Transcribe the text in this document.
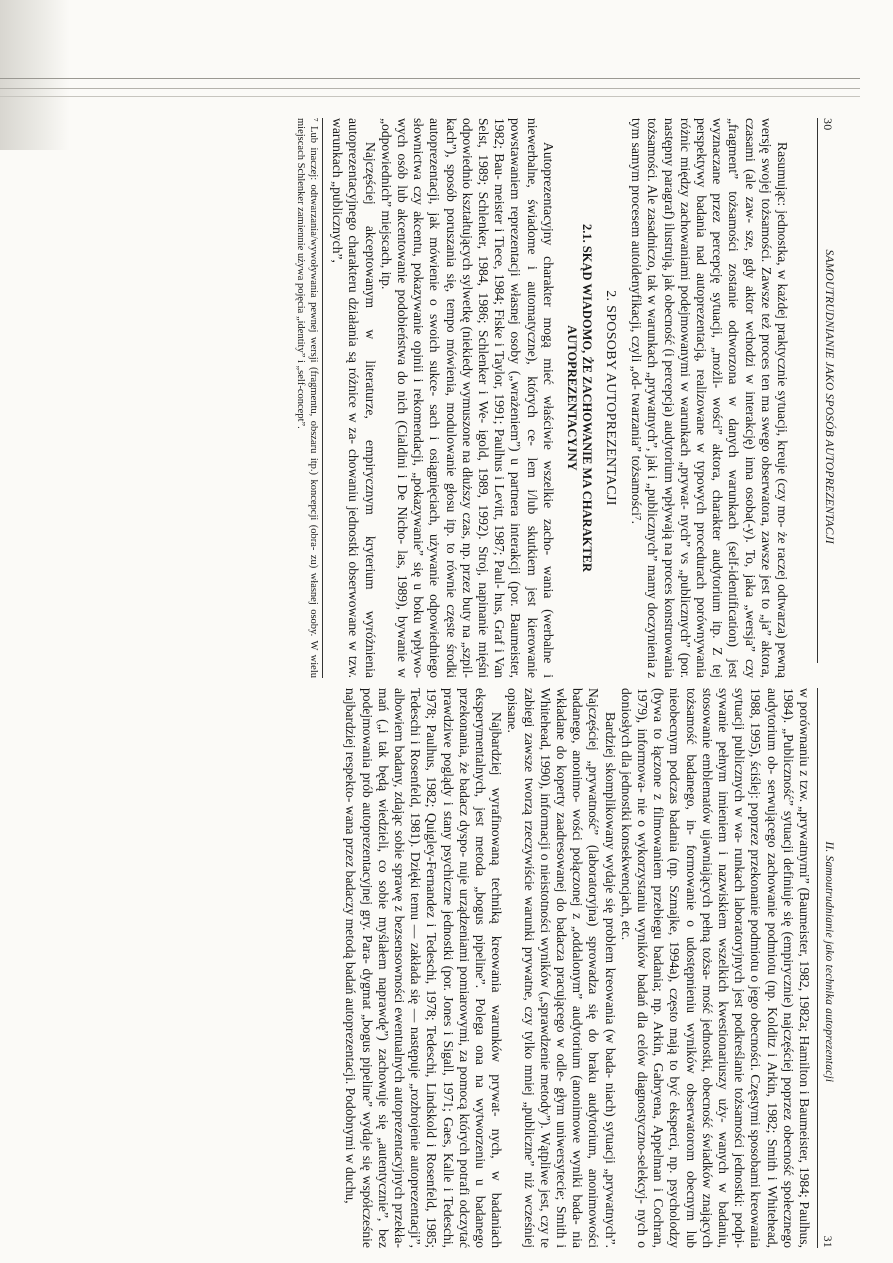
30
SAMOUTRUDNIANIE JAKO SPOSÓB AUTOPREZENTACJI

Rasumując: jednostka, w każdej praktycznie sytuacji, kreuje (czy mo- że raczej odtwarza) pewną wersję swojej tożsamości. Zawsze też proces ten ma swego obserwatora, zawsze jest to „ja” aktora, czasami (ale zaw- sze, gdy aktor wchodzi w interakcję) inna osoba(-y). To, jaka „wersja” czy „fragment” tożsamości zostanie odtworzona w danych warunkach (self-identification) jest wyznaczane przez percepcję sytuacji, „możli- wości” aktora, charakter audytorium itp. Z tej perspektywy badania nad autoprezentacją, realizowane w typowych procedurach porównywania różnic między zachowaniami podejmowanymi w warunkach „prywat- nych” vs „publicznych” (por. następny paragraf) ilustrują, jak obecność (i percepcja) audytorium wpływają na proces konstruowania tożsamości. Ale zasadniczo, tak w warunkach „prywatnych”, jak i „publicznych” mamy doczynienia z tym samym procesem autoidenyfikacji, czyli „od- twarzania” tożsamości⁷.

2. SPOSOBY AUTOPREZENTACJI
2.1. SKĄD WIADOMO, ŻE ZACHOWANIE MA CHARAKTER AUTOPREZENTACYJNY

Autoprezentacyjny charakter mogą mieć właściwie wszelkie zacho- wania (werbalne i niewerbalne, świadome i automatyczne), których ce- lem i/lub skutkiem jest kierowanie powstawaniem reprezentacji własnej osoby („wrażeniem”) u partnera interakcji (por. Baumeister, 1982; Bau- meister i Tiece, 1984; Fiske i Taylor, 1991; Paulhus i Levitt, 1987; Paul- hus, Graf i Van Selst, 1989; Schlenker, 1984, 1986; Schlenker i We- igold, 1989, 1992). Stroj, napinanie mięśni odpowiednio kształtujących sylwetkę (niekiedy wymuszone na dłuższy czas, np. przez buty na „szpil- kach”), sposób poruszania się, tempo mówienia, modulowanie głosu itp. to równie częste środki autoprezentacji, jak mówienie o swoich sukce- sach i osiągnięciach, używanie odpowiedniego słownictwa czy akcentu, pokazywanie opinii i rekomendacji, „pokazywanie” się u boku wpływo- wych osób lub akcentowanie podobieństwa do nich (Cialdini i De Nicho- las, 1989), bywanie w „odpowiednich” miejscach, itp.

Najczęściej akceptowanym w literaturze, empirycznym kryterium wyróżnienia autoprezentacyjnego charakteru działania są różnice w za- chowaniu jednostki obserwowane w tzw. warunkach „publicznych”,

⁷ Lub inaczej: odtwarzania/wywoływania pewnej wersji (fragmentu, obszaru itp.) koncepcji (obra- zu) własnej osoby. W wielu miejscach Schlenker zamiennie używa pojęcia „identity” i „self-concept”.
II. Samoutrudnianie jako technika autoprezentacji
31

w porównaniu z tzw. „prywatnymi” (Baumeister, 1982, 1982a; Hamilton i Baumeister, 1984; Paulhus, 1984). „Publiczność” sytuacji definiuje się (empirycznie) najczęściej poprzez obecność społecznego audytorium ob- serwującego zachowanie podmiotu (np. Kolditz i Arkin, 1982; Smith i Whitehead, 1988, 1995), ściślej: poprzez przekonanie podmiotu o jego obecności. Częstymi sposobami kreowania sytuacji publicznych w wa- runkach laboratoryjnych jest podkreślanie tożsamości jednostki: podpi- sywanie pełnym imieniem i nazwiskiem wszelkich kwestionariuszy uży- wanych w badaniu, stosowanie emblematów ujawniających pełną tożsa- mość jednostki, obecność świadków znających tożsamość badanego, in- formowanie o udostępnieniu wyników obserwatorom obecnym lub nieobecnym podczas badania (np. Szmajke, 1994a), często mają to być eksperci, np. psycholodzy (bywa to łączone z filmowaniem przebiegu badania; np. Arkin, Gabryena, Appelman i Cochran, 1979), informowa- nie o wykorzystaniu wyników badań dla celów diagnostyczno-selekcyj- nych o doniosłych dla jednostki konsekwencjach, etc.

Bardziej skomplikowany wydaje się problem kreowania (w bada- niach) sytuacji „prywatnych”. Najczęściej „prywatność” (laboratoryjna) sprowadza się do braku audytorium, anonimowości badanego, anonimo- wości połączonej z „oddalonym” audytorium (anonimowe wyniki bada- nia wkładane do koperty zaadresowanej do badacza pracującego w odle- głym uniwersytecie; Smith i Whitehead, 1990), informacji o nieistotności wyników („sprawdzenie metody”). Wątpliwe jest, czy te zabiegi zawsze tworzą rzeczywiście warunki prywatne, czy tylko mniej „publiczne” niż wcześniej opisane.

Najbardziej wyrafinowaną techniką kreowania warunków prywat- nych, w badaniach eksperymentalnych, jest metoda „bogus pipeline”. Polega ona na wytworzeniu u badanego przekonania, że badacz dyspo- nuje urządzeniami pomiarowymi, za pomocą których potrafi odczytać prawdziwe poglądy i stany psychiczne jednostki (por. Jones i Sigall, 1971; Gaes, Kalle i Tedeschi, 1978; Paulhus, 1982; Quigley-Fernandez i Tedeschi, 1978; Tedeschi, Lindskold i Rosenfeld, 1985; Tedeschi i Rosenfeld, 1981). Dzięki temu — zakłada się — następuje „rozbrojenie autoprezentacji”, albowiem badany, zdając sobie sprawę z bezsensowności ewentualnych autoprezentacyjnych przekła- mań („i tak będą wiedzieli, co sobie myślałem naprawdę”) zachowuje się „autentycznie”, bez podejmowania prób autoprezentacyjnej gry. Para- dygmat „bogus pipeline” wydaje się współcześnie najbardziej respekto- wana przez badaczy metodą badań autoprezentacji. Podobnymi w duchu,
